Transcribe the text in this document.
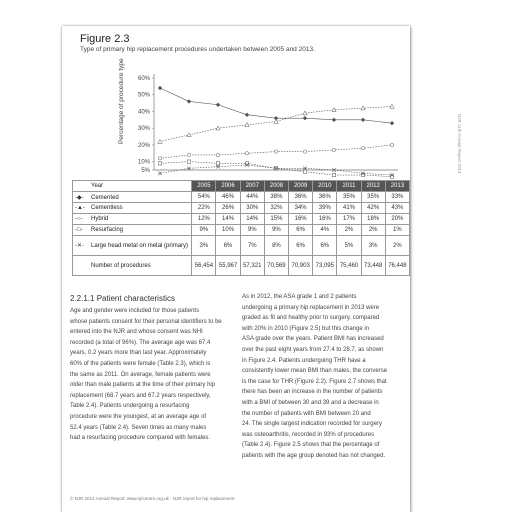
Figure 2.3
Type of primary hip replacement procedures undertaken between 2005 and 2013.
60%
50%
40%
30%
20%
10%
5%
Percentage of procedure type
Year	2005	2006	2007	2008	2009	2010	2011	2012	2013
-◆- Cemented	54%	46%	44%	38%	36%	36%	35%	35%	33%
-▲- Cementless	22%	26%	30%	32%	34%	39%	41%	42%	43%
-○- Hybrid	12%	14%	14%	15%	16%	16%	17%	18%	20%
-□- Resurfacing	9%	10%	9%	9%	6%	4%	2%	2%	1%
-✕- Large head metal on metal (primary)	3%	6%	7%	8%	6%	6%	5%	3%	2%
Number of procedures	56,454	55,967	57,321	70,569	70,903	73,095	75,460	73,448	76,448
2.2.1.1 Patient characteristics
Age and gender were included for those patients
whose patients consent for their personal identifiers to be
entered into the NJR and whose consent was NHI
recorded (a total of 96%). The average age was 67.4
years, 0.2 years more than last year. Approximately
60% of the patients were female (Table 2.3), which is
the same as 2011. On average, female patients were
older than male patients at the time of their primary hip
replacement (68.7 years and 67.2 years respectively,
Table 2.4). Patients undergoing a resurfacing
procedure were the youngest, at an average age of
52.4 years (Table 2.4). Seven times as many males
had a resurfacing procedure compared with females.
As in 2012, the ASA grade 1 and 2 patients
undergoing a primary hip replacement in 2013 were
graded as fit and healthy prior to surgery, compared
with 20% in 2010 (Figure 2.5) but this change in
ASA grade over the years. Patient BMI has increased
over the past eight years from 27.4 to 28.7, as shown
in Figure 2.4. Patients undergoing THR have a
consistently lower mean BMI than males, the converse
is the case for THR (Figure 2.2). Figure 2.7 shows that
there has been an increase in the number of patients
with a BMI of between 30 and 39 and a decrease in
the number of patients with BMI between 20 and
24. The single largest indication recorded for surgery
was osteoarthritis, recorded in 93% of procedures
(Table 2.4). Figure 2.5 shows that the percentage of
patients with the age group denoted has not changed.
© NJR 2014 Annual Report: www.njrcentre.org.uk · NJR report for hip replacement
NJR 11th Annual Report 2014
